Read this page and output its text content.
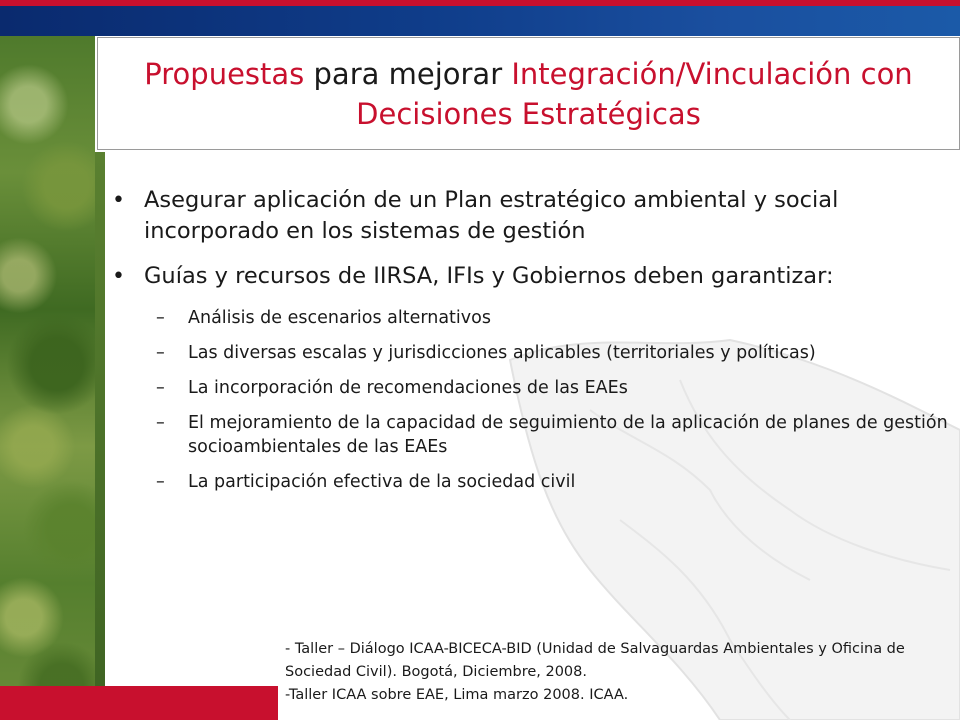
Propuestas para mejorar Integración/Vinculación con Decisiones Estratégicas
• Asegurar aplicación de un Plan estratégico ambiental y social incorporado en los sistemas de gestión
• Guías y recursos de IIRSA, IFIs y Gobiernos deben garantizar:
– Análisis de escenarios alternativos
– Las diversas escalas y jurisdicciones aplicables (territoriales y políticas)
– La incorporación de recomendaciones de las EAEs
– El mejoramiento de la capacidad de seguimiento de la aplicación de planes de gestión socioambientales de las EAEs
– La participación efectiva de la sociedad civil
- Taller – Diálogo ICAA-BICECA-BID (Unidad de Salvaguardas Ambientales y Oficina de Sociedad Civil). Bogotá, Diciembre, 2008.
-Taller ICAA sobre EAE, Lima marzo 2008. ICAA.
